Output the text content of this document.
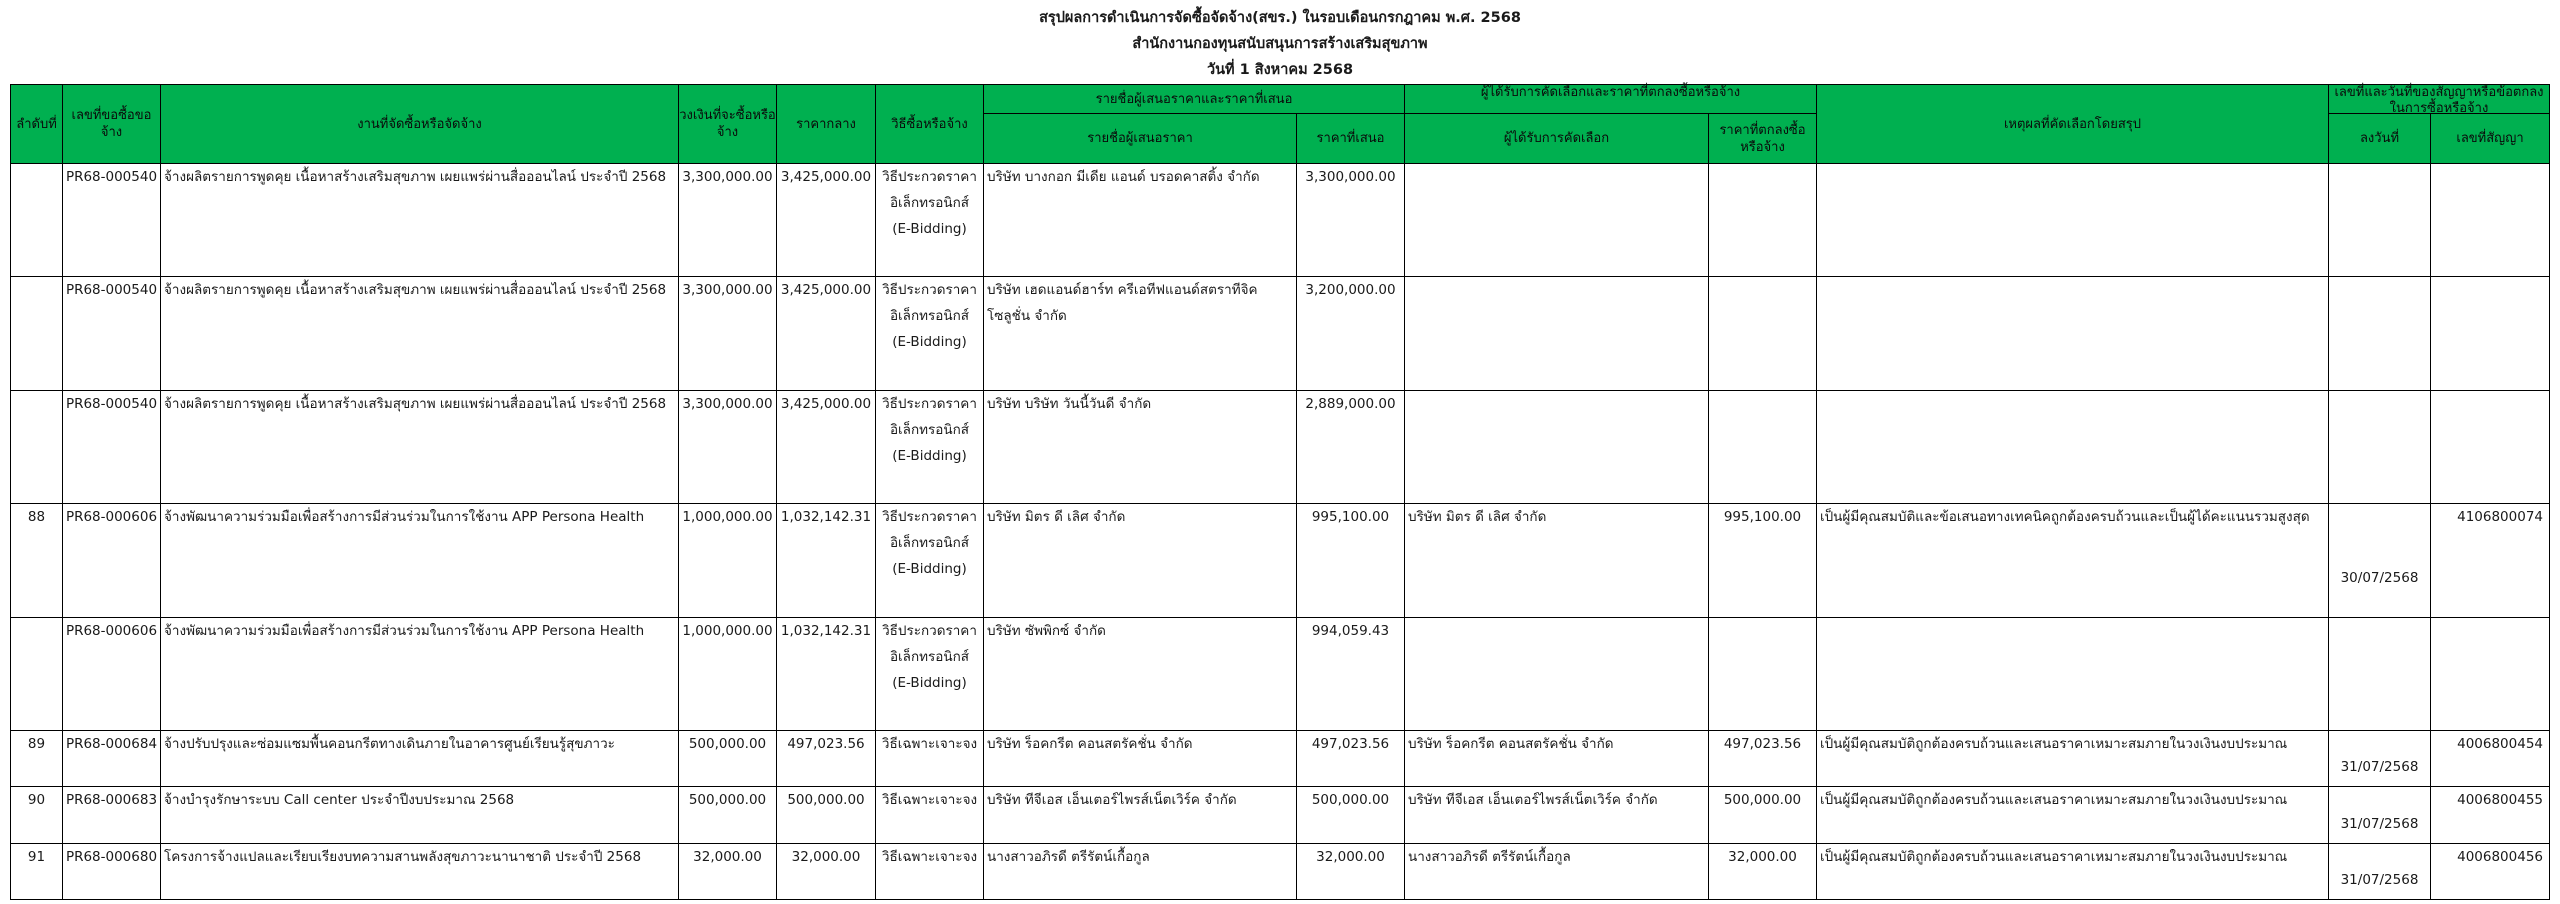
สรุปผลการดำเนินการจัดซื้อจัดจ้าง(สขร.) ในรอบเดือนกรกฎาคม พ.ศ. 2568
สำนักงานกองทุนสนับสนุนการสร้างเสริมสุขภาพ
วันที่ 1 สิงหาคม 2568
ลำดับที่	เลขที่ขอซื้อขอจ้าง	งานที่จัดซื้อหรือจัดจ้าง	วงเงินที่จะซื้อหรือจ้าง	ราคากลาง	วิธีซื้อหรือจ้าง	รายชื่อผู้เสนอราคาและราคาที่เสนอ		ผู้ได้รับการคัดเลือกและราคาที่ตกลงซื้อหรือจ้าง		เหตุผลที่คัดเลือกโดยสรุป	เลขที่และวันที่ของสัญญาหรือข้อตกลงในการซื้อหรือจ้าง	

						รายชื่อผู้เสนอราคา	ราคาที่เสนอ	ผู้ได้รับการคัดเลือก	ราคาที่ตกลงซื้อหรือจ้าง		ลงวันที่	เลขที่สัญญา
	PR68-000540	จ้างผลิตรายการพูดคุย เนื้อหาสร้างเสริมสุขภาพ เผยแพร่ผ่านสื่อออนไลน์ ประจำปี 2568	3,300,000.00	3,425,000.00	วิธีประกวดราคา
อิเล็กทรอนิกส์
(E-Bidding)	บริษัท บางกอก มีเดีย แอนด์ บรอดคาสติ้ง จำกัด	3,300,000.00					
	PR68-000540	จ้างผลิตรายการพูดคุย เนื้อหาสร้างเสริมสุขภาพ เผยแพร่ผ่านสื่อออนไลน์ ประจำปี 2568	3,300,000.00	3,425,000.00	วิธีประกวดราคา
อิเล็กทรอนิกส์
(E-Bidding)	บริษัท เฮดแอนด์ฮาร์ท ครีเอทีฟแอนด์สตราทีจิค โซลูชั่น จำกัด	3,200,000.00					
	PR68-000540	จ้างผลิตรายการพูดคุย เนื้อหาสร้างเสริมสุขภาพ เผยแพร่ผ่านสื่อออนไลน์ ประจำปี 2568	3,300,000.00	3,425,000.00	วิธีประกวดราคา
อิเล็กทรอนิกส์
(E-Bidding)	บริษัท บริษัท วันนี้วันดี จำกัด	2,889,000.00					
88	PR68-000606	จ้างพัฒนาความร่วมมือเพื่อสร้างการมีส่วนร่วมในการใช้งาน APP Persona Health	1,000,000.00	1,032,142.31	วิธีประกวดราคา
อิเล็กทรอนิกส์
(E-Bidding)	บริษัท มิตร ดี เลิศ จำกัด	995,100.00	บริษัท มิตร ดี เลิศ จำกัด	995,100.00	เป็นผู้มีคุณสมบัติและข้อเสนอทางเทคนิคถูกต้องครบถ้วนและเป็นผู้ได้คะแนนรวมสูงสุด	30/07/2568	4106800074
	PR68-000606	จ้างพัฒนาความร่วมมือเพื่อสร้างการมีส่วนร่วมในการใช้งาน APP Persona Health	1,000,000.00	1,032,142.31	วิธีประกวดราคา
อิเล็กทรอนิกส์
(E-Bidding)	บริษัท ซัพพิกซ์ จำกัด	994,059.43					
89	PR68-000684	จ้างปรับปรุงและซ่อมแซมพื้นคอนกรีตทางเดินภายในอาคารศูนย์เรียนรู้สุขภาวะ	500,000.00	497,023.56	วิธีเฉพาะเจาะจง	บริษัท ร็อคกรีต คอนสตรัคชั่น จำกัด	497,023.56	บริษัท ร็อคกรีต คอนสตรัคชั่น จำกัด	497,023.56	เป็นผู้มีคุณสมบัติถูกต้องครบถ้วนและเสนอราคาเหมาะสมภายในวงเงินงบประมาณ	31/07/2568	4006800454
90	PR68-000683	จ้างบำรุงรักษาระบบ Call center ประจำปีงบประมาณ 2568	500,000.00	500,000.00	วิธีเฉพาะเจาะจง	บริษัท ทีจีเอส เอ็นเตอร์ไพรส์เน็ตเวิร์ค จำกัด	500,000.00	บริษัท ทีจีเอส เอ็นเตอร์ไพรส์เน็ตเวิร์ค จำกัด	500,000.00	เป็นผู้มีคุณสมบัติถูกต้องครบถ้วนและเสนอราคาเหมาะสมภายในวงเงินงบประมาณ	31/07/2568	4006800455
91	PR68-000680	โครงการจ้างแปลและเรียบเรียงบทความสานพลังสุขภาวะนานาชาติ ประจำปี 2568	32,000.00	32,000.00	วิธีเฉพาะเจาะจง	นางสาวอภิรดี ตรีรัตน์เกื้อกูล	32,000.00	นางสาวอภิรดี ตรีรัตน์เกื้อกูล	32,000.00	เป็นผู้มีคุณสมบัติถูกต้องครบถ้วนและเสนอราคาเหมาะสมภายในวงเงินงบประมาณ	31/07/2568	4006800456
